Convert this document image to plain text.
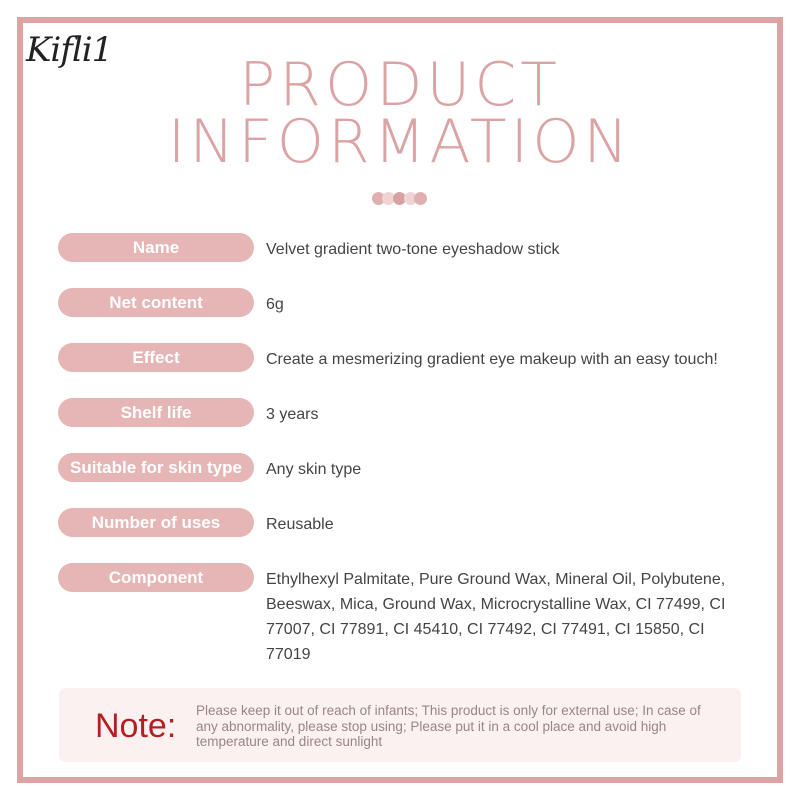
Kifli1	PRODUCT
INFORMATION
Name	Velvet gradient two-tone eyeshadow stick
Net content	6g
Effect	Create a mesmerizing gradient eye makeup with an easy touch!
Shelf life	3 years
Suitable for skin type	Any skin type
Number of uses	Reusable
Component	Ethylhexyl Palmitate, Pure Ground Wax, Mineral Oil, Polybutene, Beeswax, Mica, Ground Wax, Microcrystalline Wax, CI 77499, CI 77007, CI 77891, CI 45410, CI 77492, CI 77491, CI 15850, CI 77019
Note: Please keep it out of reach of infants; This product is only for external use; In case of any abnormality, please stop using; Please put it in a cool place and avoid high temperature and direct sunlight
